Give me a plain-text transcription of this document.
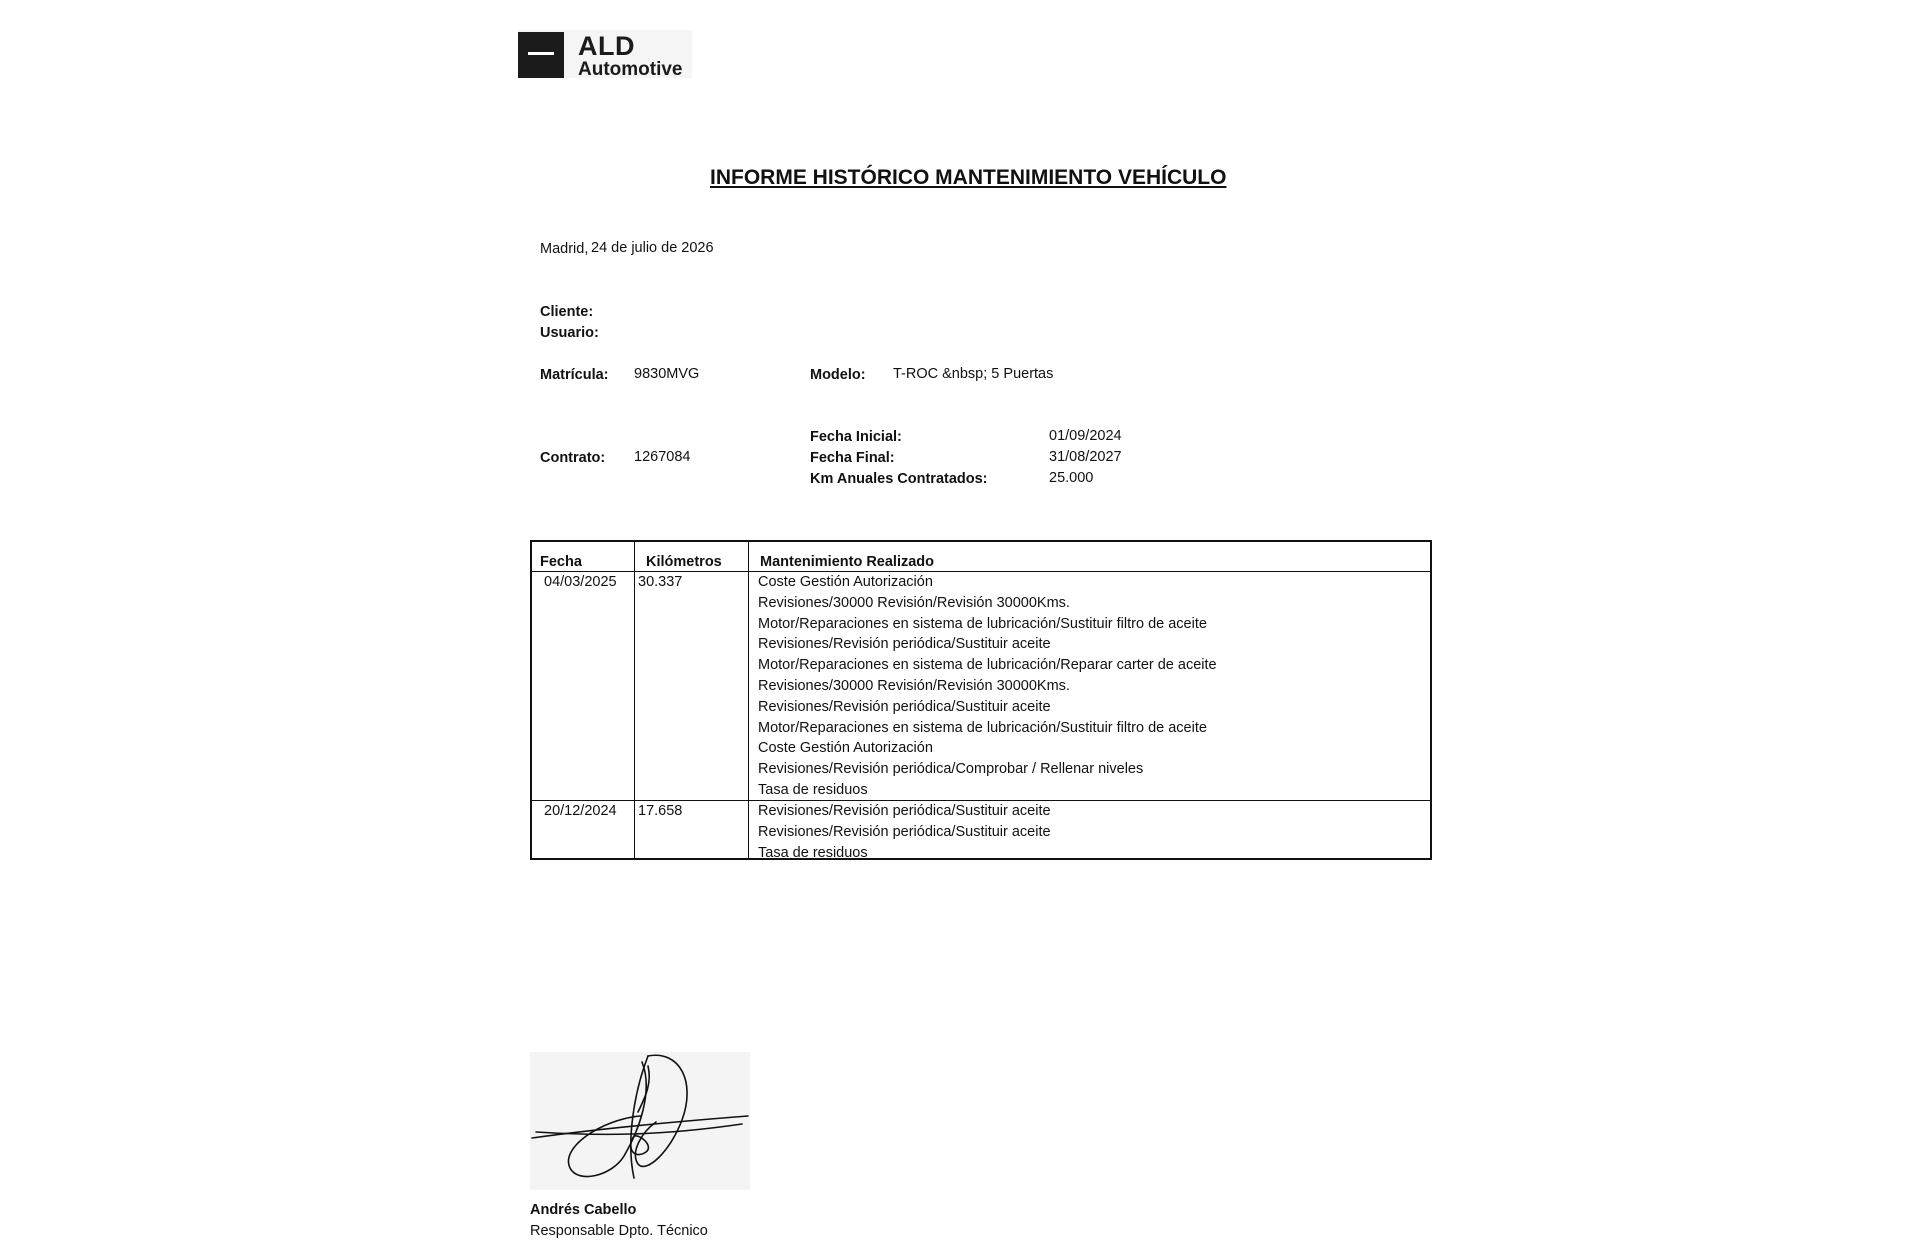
ALD
Automotive
INFORME HISTÓRICO MANTENIMIENTO VEHÍCULO
Madrid, 24 de julio de 2026
Cliente:
Usuario:
Matrícula: 9830MVG	Modelo: T-ROC &nbsp; 5 Puertas
Contrato: 1267084
Fecha Inicial:	01/09/2024
Fecha Final:	31/08/2027
Km Anuales Contratados:	25.000
Fecha	Kilómetros	Mantenimiento Realizado
04/03/2025 30.337	Coste Gestión Autorización
Revisiones/30000 Revisión/Revisión 30000Kms.
Motor/Reparaciones en sistema de lubricación/Sustituir filtro de aceite
Revisiones/Revisión periódica/Sustituir aceite
Motor/Reparaciones en sistema de lubricación/Reparar carter de aceite
Revisiones/30000 Revisión/Revisión 30000Kms.
Revisiones/Revisión periódica/Sustituir aceite
Motor/Reparaciones en sistema de lubricación/Sustituir filtro de aceite
Coste Gestión Autorización
Revisiones/Revisión periódica/Comprobar / Rellenar niveles
Tasa de residuos
20/12/2024 17.658	Revisiones/Revisión periódica/Sustituir aceite
Revisiones/Revisión periódica/Sustituir aceite
Tasa de residuos
Andrés Cabello
Responsable Dpto. Técnico
